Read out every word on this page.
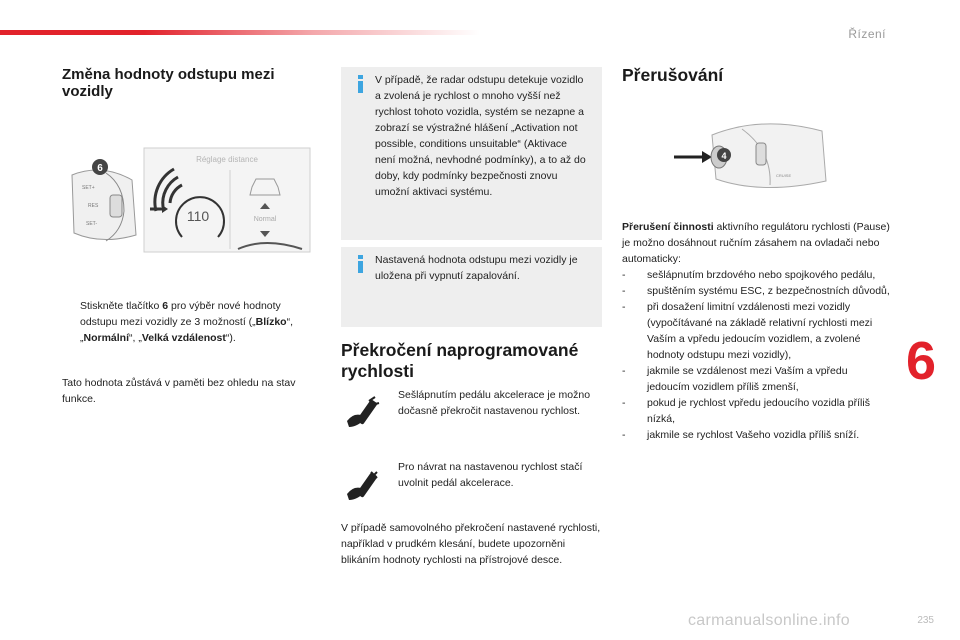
Řízení
6
Změna hodnoty odstupu mezi vozidly
SET+
RES
SET-
6
Réglage distance
110	Normal
Stiskněte tlačítko 6 pro výběr nové hodnoty odstupu mezi vozidly ze 3 možností („Blízko“, „Normální“, „Velká vzdálenost“).
Tato hodnota zůstává v paměti bez ohledu na stav funkce.
V případě, že radar odstupu detekuje vozidlo a zvolená je rychlost o mnoho vyšší než rychlost tohoto vozidla, systém se nezapne a zobrazí se výstražné hlášení „Activation not possible, conditions unsuitable“ (Aktivace není možná, nevhodné podmínky), a to až do doby, kdy podmínky bezpečnosti znovu umožní aktivaci systému.
Nastavená hodnota odstupu mezi vozidly je uložena při vypnutí zapalování.
Překročení naprogramované rychlosti
Sešlápnutím pedálu akcelerace je možno dočasně překročit nastavenou rychlost.
Pro návrat na nastavenou rychlost stačí uvolnit pedál akcelerace.
V případě samovolného překročení nastavené rychlosti, například v prudkém klesání, budete upozorněni blikáním hodnoty rychlosti na přístrojové desce.
Přerušování
CRUISE
4
Přerušení činnosti aktivního regulátoru rychlosti (Pause) je možno dosáhnout ručním zásahem na ovladači nebo automaticky:
- sešlápnutím brzdového nebo spojkového pedálu,
- spuštěním systému ESC, z bezpečnostních důvodů,
- při dosažení limitní vzdálenosti mezi vozidly (vypočítávané na základě relativní rychlosti mezi Vaším a vpředu jedoucím vozidlem, a zvolené hodnoty odstupu mezi vozidly),
- jakmile se vzdálenost mezi Vaším a vpředu jedoucím vozidlem příliš zmenší,
- pokud je rychlost vpředu jedoucího vozidla příliš nízká,
- jakmile se rychlost Vašeho vozidla příliš sníží.
carmanualsonline.info	235
